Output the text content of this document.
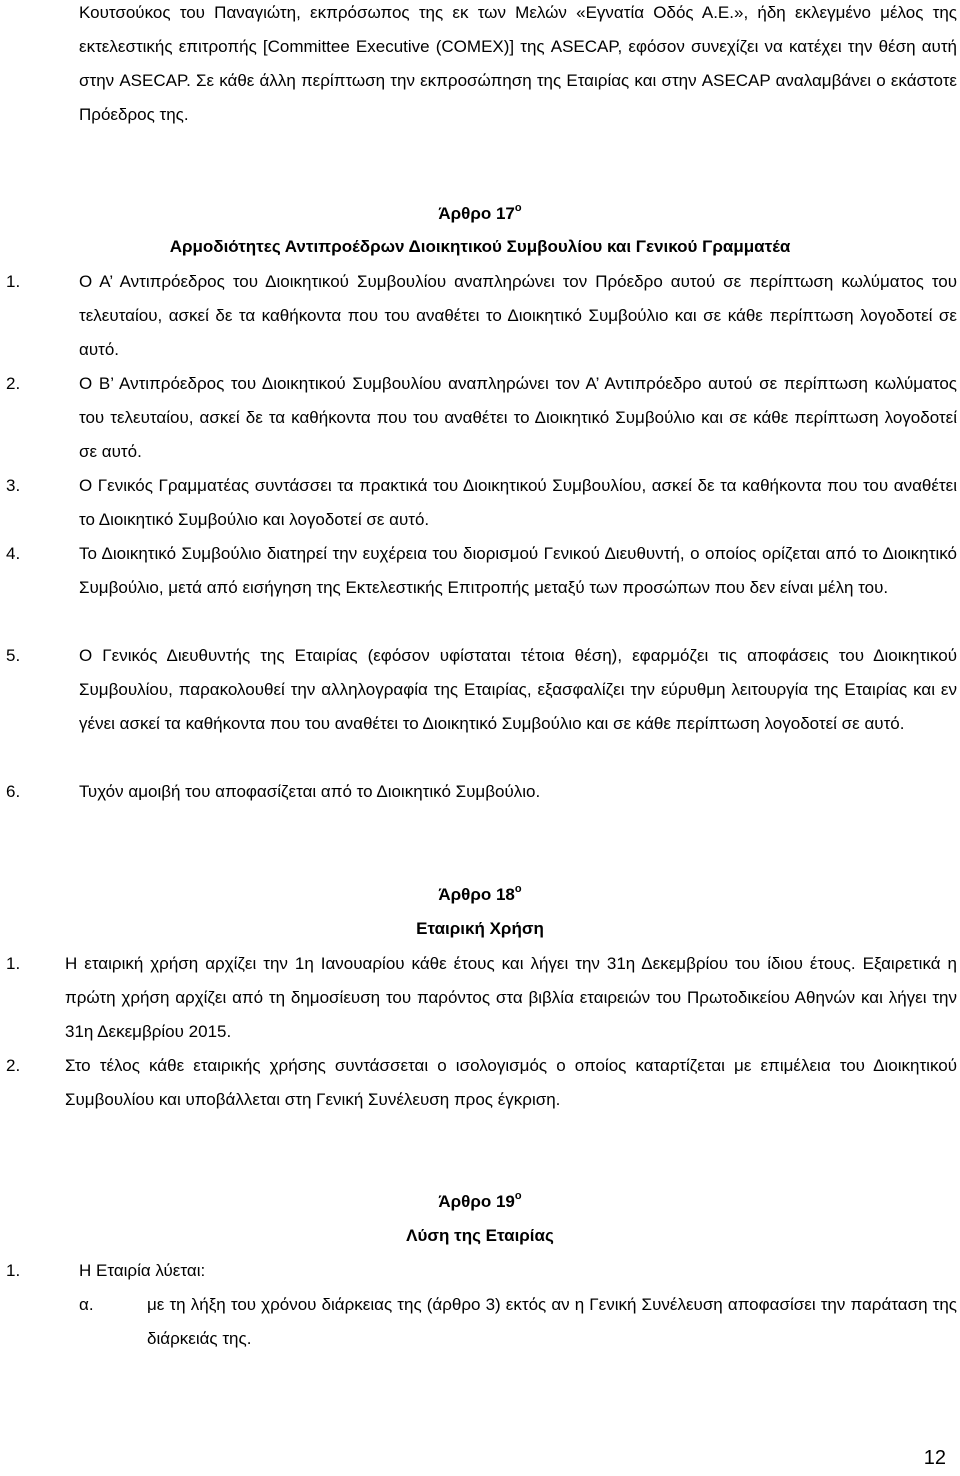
Κουτσούκος του Παναγιώτη, εκπρόσωπος της εκ των Μελών «Εγνατία Οδός Α.Ε.», ήδη εκλεγμένο μέλος της εκτελεστικής επιτροπής [Committee Executive (COMEX)] της ASECAP, εφόσον συνεχίζει να κατέχει την θέση αυτή στην ASECAP. Σε κάθε άλλη περίπτωση την εκπροσώπηση της Εταιρίας και στην ASECAP αναλαμβάνει ο εκάστοτε Πρόεδρος της.
Άρθρο $17^o$
Αρμοδιότητες Αντιπροέδρων Διοικητικού Συμβουλίου και Γενικού Γραμματέα
1.	Ο Α’ Αντιπρόεδρος του Διοικητικού Συμβουλίου αναπληρώνει τον Πρόεδρο αυτού σε περίπτωση κωλύματος του τελευταίου, ασκεί δε τα καθήκοντα που του αναθέτει το Διοικητικό Συμβούλιο και σε κάθε περίπτωση λογοδοτεί σε αυτό.
2.	Ο Β’ Αντιπρόεδρος του Διοικητικού Συμβουλίου αναπληρώνει τον Α’ Αντιπρόεδρο αυτού σε περίπτωση κωλύματος του τελευταίου, ασκεί δε τα καθήκοντα που του αναθέτει το Διοικητικό Συμβούλιο και σε κάθε περίπτωση λογοδοτεί σε αυτό.
3.	Ο Γενικός Γραμματέας συντάσσει τα πρακτικά του Διοικητικού Συμβουλίου, ασκεί δε τα καθήκοντα που του αναθέτει το Διοικητικό Συμβούλιο και λογοδοτεί σε αυτό.
4.	Το Διοικητικό Συμβούλιο διατηρεί την ευχέρεια του διορισμού Γενικού Διευθυντή, ο οποίος ορίζεται από το Διοικητικό Συμβούλιο, μετά από εισήγηση της Εκτελεστικής Επιτροπής μεταξύ των προσώπων που δεν είναι μέλη του.
5.	Ο Γενικός Διευθυντής της Εταιρίας (εφόσον υφίσταται τέτοια θέση), εφαρμόζει τις αποφάσεις του Διοικητικού Συμβουλίου, παρακολουθεί την αλληλογραφία της Εταιρίας, εξασφαλίζει την εύρυθμη λειτουργία της Εταιρίας και εν γένει ασκεί τα καθήκοντα που του αναθέτει το Διοικητικό Συμβούλιο και σε κάθε περίπτωση λογοδοτεί σε αυτό.
6.	Τυχόν αμοιβή του αποφασίζεται από το Διοικητικό Συμβούλιο.
Άρθρο $18^o$
Εταιρική Χρήση
1.	Η εταιρική χρήση αρχίζει την 1η Ιανουαρίου κάθε έτους και λήγει την 31η Δεκεμβρίου του ίδιου έτους. Εξαιρετικά η πρώτη χρήση αρχίζει από τη δημοσίευση του παρόντος στα βιβλία εταιρειών του Πρωτοδικείου Αθηνών και λήγει την 31η Δεκεμβρίου 2015.
2.	Στο τέλος κάθε εταιρικής χρήσης συντάσσεται ο ισολογισμός ο οποίος καταρτίζεται με επιμέλεια του Διοικητικού Συμβουλίου και υποβάλλεται στη Γενική Συνέλευση προς έγκριση.
Άρθρο $19^o$
Λύση της Εταιρίας
1.	Η Εταιρία λύεται:
α.	με τη λήξη του χρόνου διάρκειας της (άρθρο 3) εκτός αν η Γενική Συνέλευση αποφασίσει την παράταση της διάρκειάς της.
12
